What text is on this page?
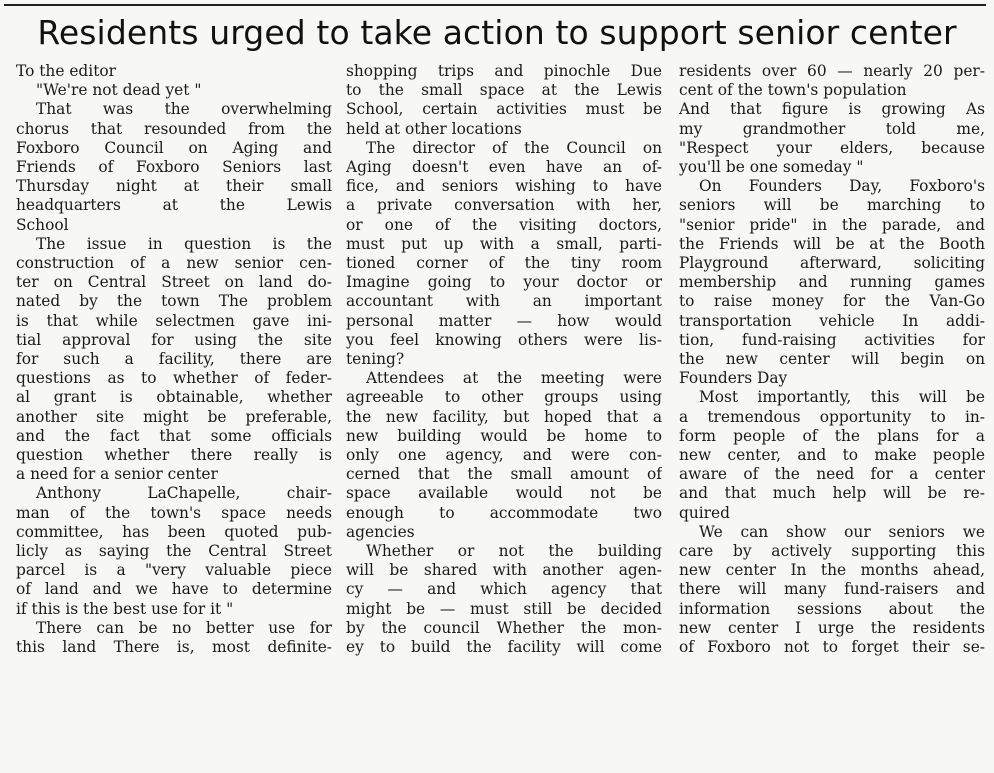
Residents urged to take action to support senior center
To the editor
"We're not dead yet "
That was the overwhelming
chorus that resounded from the
Foxboro Council on Aging and
Friends of Foxboro Seniors last
Thursday night at their small
headquarters at the Lewis
School
The issue in question is the
construction of a new senior cen-
ter on Central Street on land do-
nated by the town The problem
is that while selectmen gave ini-
tial approval for using the site
for such a facility, there are
questions as to whether of feder-
al grant is obtainable, whether
another site might be preferable,
and the fact that some officials
question whether there really is
a need for a senior center
Anthony LaChapelle, chair-
man of the town's space needs
committee, has been quoted pub-
licly as saying the Central Street
parcel is a "very valuable piece
of land and we have to determine
if this is the best use for it "
There can be no better use for
this land There is, most definite-
shopping trips and pinochle Due
to the small space at the Lewis
School, certain activities must be
held at other locations
The director of the Council on
Aging doesn't even have an of-
fice, and seniors wishing to have
a private conversation with her,
or one of the visiting doctors,
must put up with a small, parti-
tioned corner of the tiny room
Imagine going to your doctor or
accountant with an important
personal matter — how would
you feel knowing others were lis-
tening?
Attendees at the meeting were
agreeable to other groups using
the new facility, but hoped that a
new building would be home to
only one agency, and were con-
cerned that the small amount of
space available would not be
enough to accommodate two
agencies
Whether or not the building
will be shared with another agen-
cy — and which agency that
might be — must still be decided
by the council Whether the mon-
ey to build the facility will come
residents over 60 — nearly 20 per-
cent of the town's population
And that figure is growing As
my grandmother told me,
"Respect your elders, because
you'll be one someday "
On Founders Day, Foxboro's
seniors will be marching to
"senior pride" in the parade, and
the Friends will be at the Booth
Playground afterward, soliciting
membership and running games
to raise money for the Van-Go
transportation vehicle In addi-
tion, fund-raising activities for
the new center will begin on
Founders Day
Most importantly, this will be
a tremendous opportunity to in-
form people of the plans for a
new center, and to make people
aware of the need for a center
and that much help will be re-
quired
We can show our seniors we
care by actively supporting this
new center In the months ahead,
there will many fund-raisers and
information sessions about the
new center I urge the residents
of Foxboro not to forget their se-
